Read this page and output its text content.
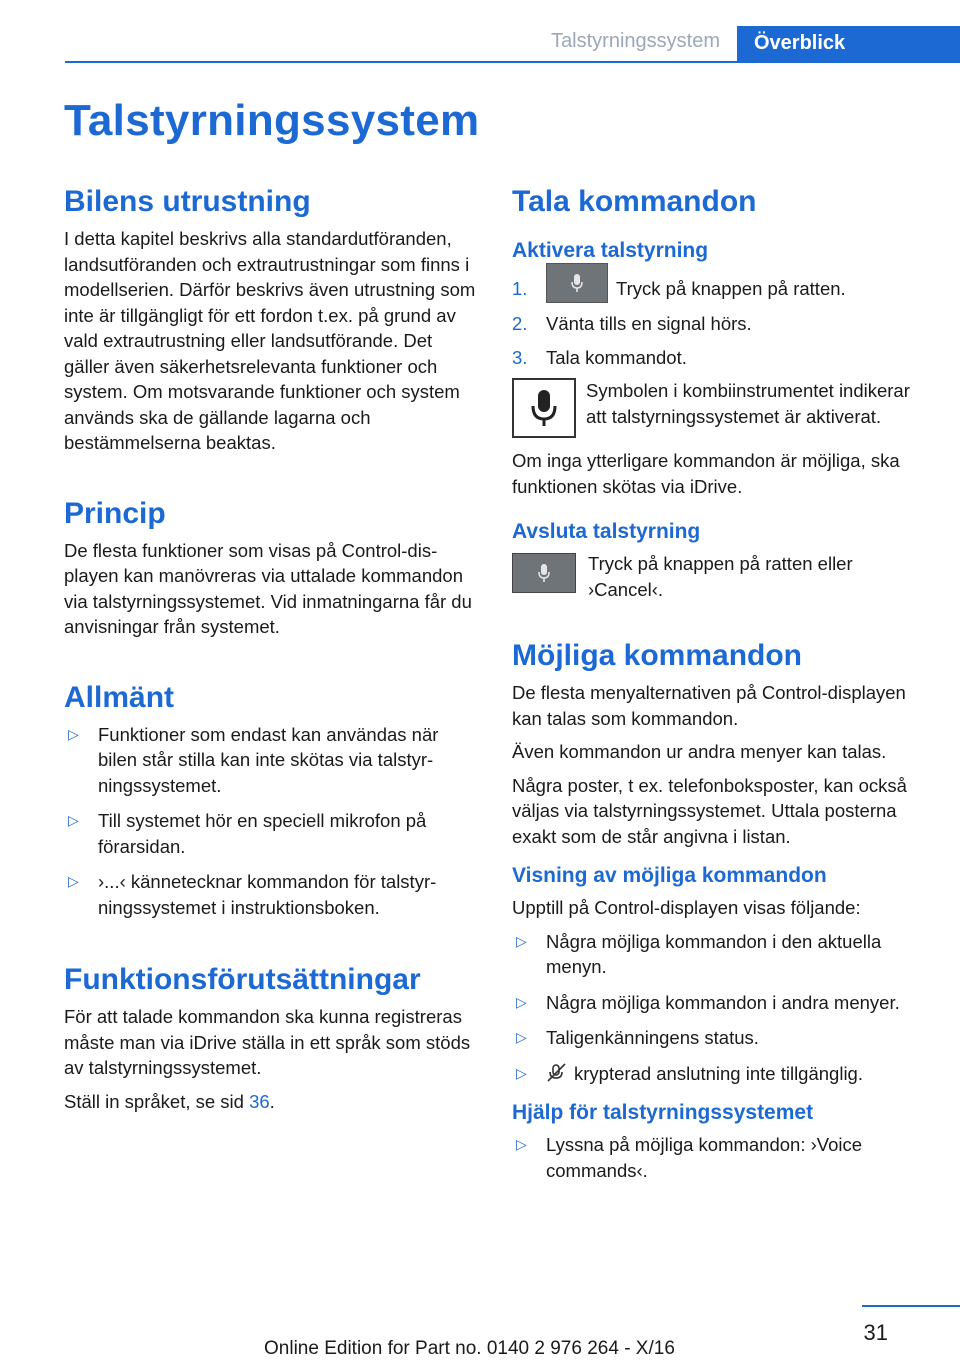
Talstyrningssystem	Överblick
Talstyrningssystem
Bilens utrustning

I detta kapitel beskrivs alla standardutföranden, landsutföranden och extrautrustningar som finns i modellserien. Därför beskrivs även utrustning som inte är tillgängligt för ett fordon t.ex. på grund av vald extrautrustning eller landsutförande. Det gäller även säkerhetsrelevanta funktioner och system. Om motsvarande funktioner och system används ska de gällande lagarna och bestämmelserna beaktas.

Princip

De flesta funktioner som visas på Control-displayen kan manövreras via uttalade kommandon via talstyrningssystemet. Vid inmatningarna får du anvisningar från systemet.

Allmänt
▷ Funktioner som endast kan användas när bilen står stilla kan inte skötas via talstyrningssystemet.
▷ Till systemet hör en speciell mikrofon på förarsidan.
▷ ›...‹ kännetecknar kommandon för talstyrningssystemet i instruktionsboken.
Funktionsförutsättningar

För att talade kommandon ska kunna registreras måste man via iDrive ställa in ett språk som stöds av talstyrningssystemet.

Ställ in språket, se sid 36.

Tala kommandon
Aktivera talstyrning
1.	Tryck på knappen på ratten.
2. Vänta tills en signal hörs.
3. Tala kommandot.
Symbolen i kombiinstrumentet indikerar att talstyrningssystemet är aktiverat.

Om inga ytterligare kommandon är möjliga, ska funktionen skötas via iDrive.

Avsluta talstyrning
Tryck på knappen på ratten eller ›Cancel‹.
Möjliga kommandon

De flesta menyalternativen på Control-displayen kan talas som kommandon.

Även kommandon ur andra menyer kan talas.

Några poster, t ex. telefonboksposter, kan också väljas via talstyrningssystemet. Uttala posterna exakt som de står angivna i listan.

Visning av möjliga kommandon

Upptill på Control-displayen visas följande:

▷ Några möjliga kommandon i den aktuella menyn.
▷ Några möjliga kommandon i andra menyer.
▷ Taligenkänningens status.
▷	krypterad anslutning inte tillgänglig.
Hjälp för talstyrningssystemet
▷ Lyssna på möjliga kommandon: ›Voice commands‹.
31
Online Edition for Part no. 0140 2 976 264 - X/16
